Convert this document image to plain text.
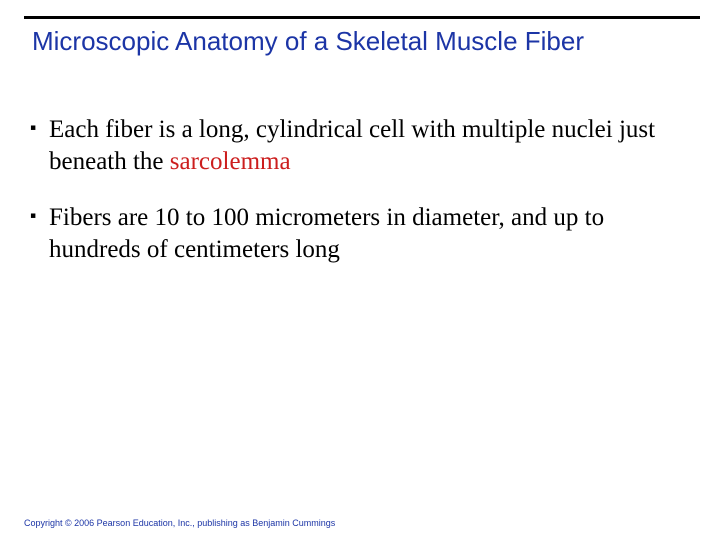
Microscopic Anatomy of a Skeletal Muscle Fiber
▪ Each fiber is a long, cylindrical cell with multiple nuclei just beneath the sarcolemma
▪ Fibers are 10 to 100 micrometers in diameter, and up to hundreds of centimeters long
Copyright © 2006 Pearson Education, Inc., publishing as Benjamin Cummings
